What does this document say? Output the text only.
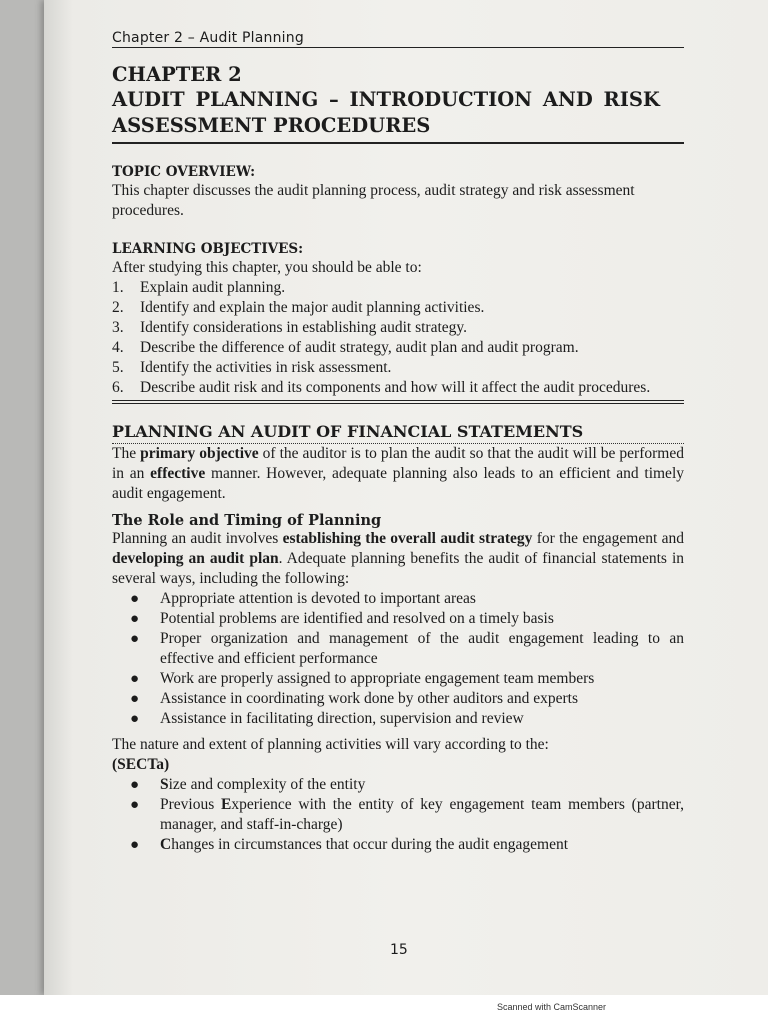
Chapter 2 – Audit Planning
CHAPTER 2

AUDIT PLANNING – INTRODUCTION AND RISK
ASSESSMENT PROCEDURES
TOPIC OVERVIEW:

This chapter discusses the audit planning process, audit strategy and risk assessment procedures.

LEARNING OBJECTIVES:

After studying this chapter, you should be able to:

1.	Explain audit planning.
2.	Identify and explain the major audit planning activities.
3.	Identify considerations in establishing audit strategy.
4.	Describe the difference of audit strategy, audit plan and audit program.
5.	Identify the activities in risk assessment.
6.	Describe audit risk and its components and how will it affect the audit procedures.
PLANNING AN AUDIT OF FINANCIAL STATEMENTS

The primary objective of the auditor is to plan the audit so that the audit will be performed in an effective manner. However, adequate planning also leads to an efficient and timely audit engagement.

The Role and Timing of Planning

Planning an audit involves establishing the overall audit strategy for the engagement and developing an audit plan. Adequate planning benefits the audit of financial statements in several ways, including the following:

●	Appropriate attention is devoted to important areas
●	Potential problems are identified and resolved on a timely basis
●	Proper organization and management of the audit engagement leading to an effective and efficient performance
●	Work are properly assigned to appropriate engagement team members
●	Assistance in coordinating work done by other auditors and experts
●	Assistance in facilitating direction, supervision and review

The nature and extent of planning activities will vary according to the:

(SECTa)

●	Size and complexity of the entity
●	Previous Experience with the entity of key engagement team members (partner, manager, and staff-in-charge)
●	Changes in circumstances that occur during the audit engagement
15
Scanned with CamScanner
